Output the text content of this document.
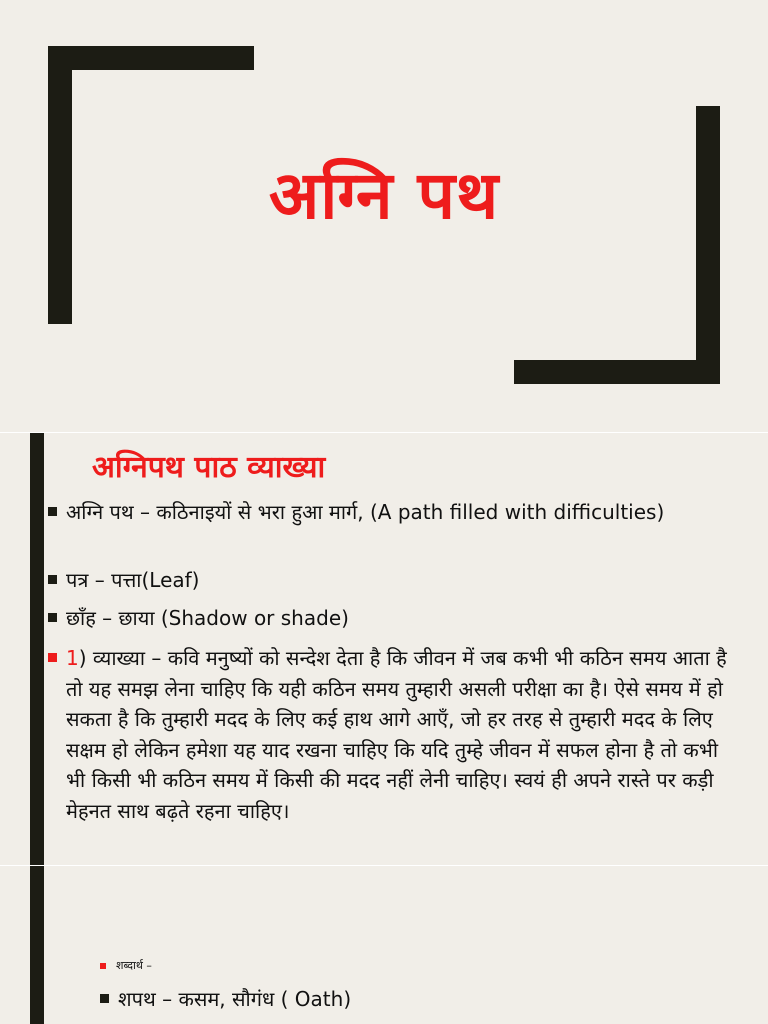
अग्नि पथ
अग्निपथ पाठ व्याख्या
अग्नि पथ – कठिनाइयों से भरा हुआ मार्ग, (A path filled with difficulties)
पत्र – पत्ता(Leaf)
छाँह – छाया (Shadow or shade)
1) व्याख्या – कवि मनुष्यों को सन्देश देता है कि जीवन में जब कभी भी कठिन समय आता है तो यह समझ लेना चाहिए कि यही कठिन समय तुम्हारी असली परीक्षा का है। ऐसे समय में हो सकता है कि तुम्हारी मदद के लिए कई हाथ आगे आएँ, जो हर तरह से तुम्हारी मदद के लिए सक्षम हो लेकिन हमेशा यह याद रखना चाहिए कि यदि तुम्हे जीवन में सफल होना है तो कभी भी किसी भी कठिन समय में किसी की मदद नहीं लेनी चाहिए। स्वयं ही अपने रास्ते पर कड़ी मेहनत साथ बढ़ते रहना चाहिए।
शब्दार्थ –
शपथ – कसम, सौगंध ( Oath)
